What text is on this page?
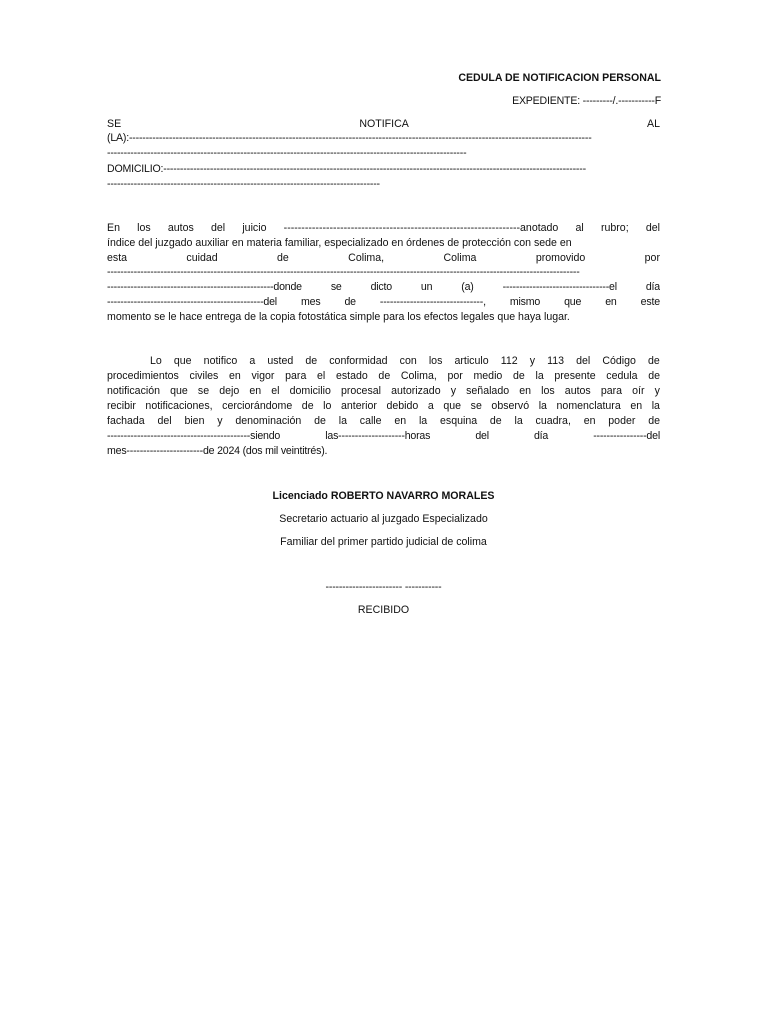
CEDULA DE NOTIFICACION PERSONAL
EXPEDIENTE: ---------/.-----------F
SE	NOTIFICA	AL
(LA):-------------------------------------------------------------------------------------------------------------------------------------------
------------------------------------------------------------------------------------------------------------
DOMICILIO:-------------------------------------------------------------------------------------------------------------------------------
----------------------------------------------------------------------------------
En los autos del juicio -------------------------------------------------------------------anotado al rubro; del
índice del juzgado auxiliar en materia familiar, especializado en órdenes de protección con sede en
esta	cuidad	de	Colima,	Colima	promovido	por
----------------------------------------------------------------------------------------------------------------------------------------------
--------------------------------------------------donde	se	dicto	un	(a)	--------------------------------el	día
-----------------------------------------------del mes de -------------------------------, mismo que en este
momento se le hace entrega de la copia fotostática simple para los efectos legales que haya lugar.
Lo que notifico a usted de conformidad con los articulo 112 y 113 del Código de
procedimientos civiles en vigor para el estado de Colima, por medio de la presente cedula de
notificación que se dejo en el domicilio procesal autorizado y señalado en los autos para oír y
recibir notificaciones, cerciorándome de lo anterior debido a que se observó la nomenclatura en la
fachada del bien y denominación de la calle en la esquina de la cuadra, en poder de
-------------------------------------------siendo	las--------------------horas	del	día	----------------del
mes-----------------------de 2024 (dos mil veintitrés).
Licenciado ROBERTO NAVARRO MORALES
Secretario actuario al juzgado Especializado
Familiar del primer partido judicial de colima
----------------------- -----------
RECIBIDO
